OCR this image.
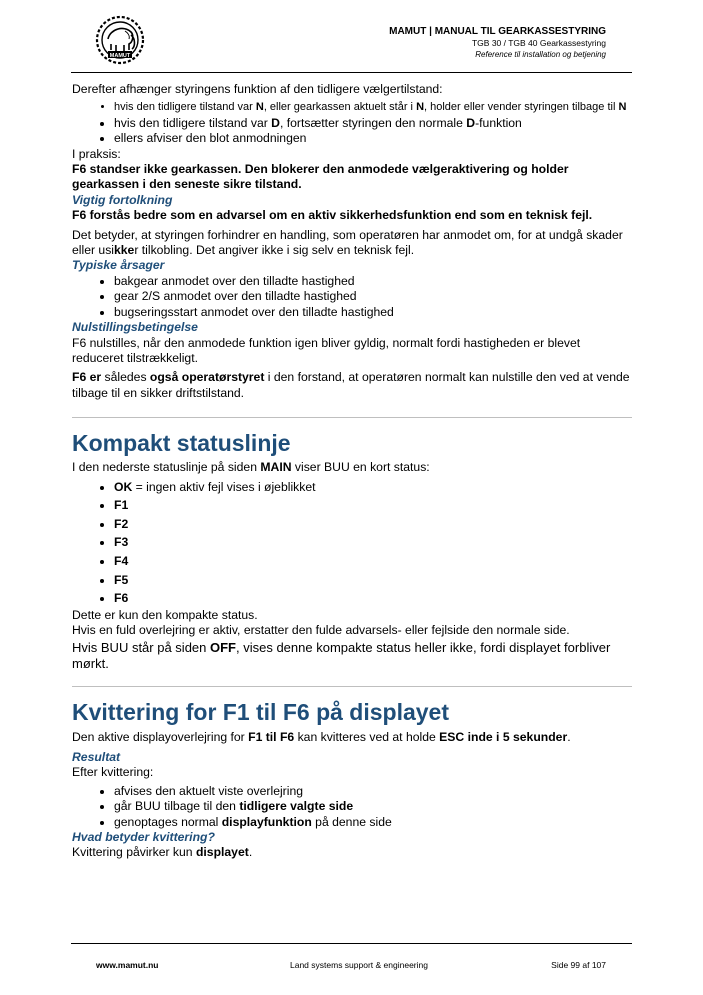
MAMUT
MAMUT | MANUAL TIL GEARKASSESTYRING
TGB 30 / TGB 40 Gearkassestyring
Reference til installation og betjening

Derefter afhænger styringens funktion af den tidligere vælgertilstand:

• hvis den tidligere tilstand var N, eller gearkassen aktuelt står i N, holder eller vender styringen tilbage til N
• hvis den tidligere tilstand var D, fortsætter styringen den normale D-funktion
• ellers afviser den blot anmodningen

I praksis:

F6 standser ikke gearkassen. Den blokerer den anmodede vælgeraktivering og holder gearkassen i den seneste sikre tilstand.

Vigtig fortolkning

F6 forstås bedre som en advarsel om en aktiv sikkerhedsfunktion end som en teknisk fejl.

Det betyder, at styringen forhindrer en handling, som operatøren har anmodet om, for at undgå skader eller usikker tilkobling. Det angiver ikke i sig selv en teknisk fejl.

Typiske årsager

• bakgear anmodet over den tilladte hastighed
• gear 2/S anmodet over den tilladte hastighed
• bugseringsstart anmodet over den tilladte hastighed

Nulstillingsbetingelse

F6 nulstilles, når den anmodede funktion igen bliver gyldig, normalt fordi hastigheden er blevet reduceret tilstrækkeligt.

F6 er således også operatørstyret i den forstand, at operatøren normalt kan nulstille den ved at vende tilbage til en sikker driftstilstand.

Kompakt statuslinje

I den nederste statuslinje på siden MAIN viser BUU en kort status:

• OK = ingen aktiv fejl vises i øjeblikket
• F1
• F2
• F3
• F4
• F5
• F6

Dette er kun den kompakte status.

Hvis en fuld overlejring er aktiv, erstatter den fulde advarsels- eller fejlside den normale side.

Hvis BUU står på siden OFF, vises denne kompakte status heller ikke, fordi displayet forbliver mørkt.

Kvittering for F1 til F6 på displayet

Den aktive displayoverlejring for F1 til F6 kan kvitteres ved at holde ESC inde i 5 sekunder.

Resultat

Efter kvittering:

• afvises den aktuelt viste overlejring
• går BUU tilbage til den tidligere valgte side
• genoptages normal displayfunktion på denne side

Hvad betyder kvittering?

Kvittering påvirker kun displayet.

www.mamut.nu	Land systems support & engineering	Side 99 af 107
